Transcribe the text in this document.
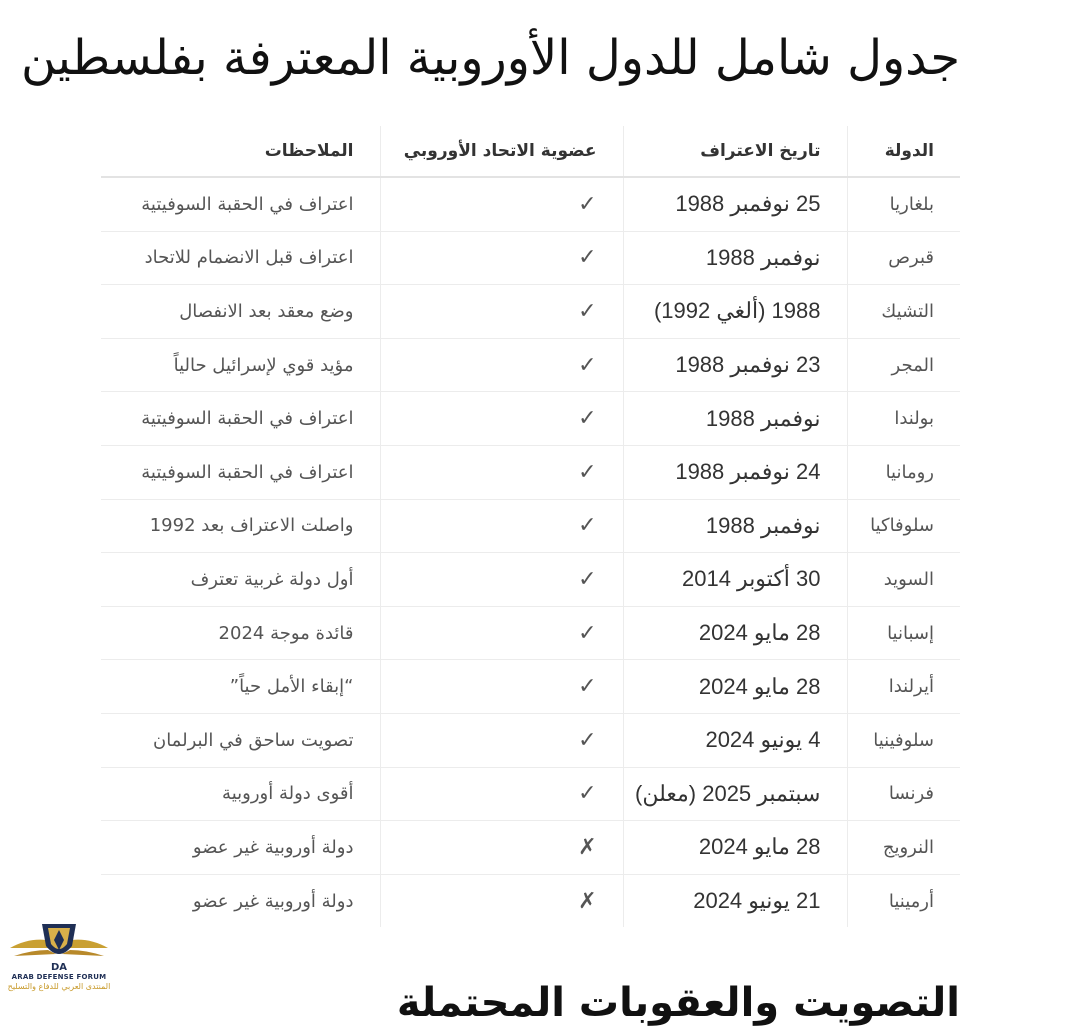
جدول شامل للدول الأوروبية المعترفة بفلسطين
الدولة	تاريخ الاعتراف	عضوية الاتحاد الأوروبي	الملاحظات
بلغاريا	25 نوفمبر 1988	✓	اعتراف في الحقبة السوفيتية
قبرص	نوفمبر 1988	✓	اعتراف قبل الانضمام للاتحاد
التشيك	1988 (ألغي 1992)	✓	وضع معقد بعد الانفصال
المجر	23 نوفمبر 1988	✓	مؤيد قوي لإسرائيل حالياً
بولندا	نوفمبر 1988	✓	اعتراف في الحقبة السوفيتية
رومانيا	24 نوفمبر 1988	✓	اعتراف في الحقبة السوفيتية
سلوفاكيا	نوفمبر 1988	✓	واصلت الاعتراف بعد 1992
السويد	30 أكتوبر 2014	✓	أول دولة غربية تعترف
إسبانيا	28 مايو 2024	✓	قائدة موجة 2024
أيرلندا	28 مايو 2024	✓	“إبقاء الأمل حياً”
سلوفينيا	4 يونيو 2024	✓	تصويت ساحق في البرلمان
فرنسا	سبتمبر 2025 (معلن)	✓	أقوى دولة أوروبية
النرويج	28 مايو 2024	✗	دولة أوروبية غير عضو
أرمينيا	21 يونيو 2024	✗	دولة أوروبية غير عضو
DA
ARAB DEFENSE FORUM
المنتدى العربي للدفاع والتسليح	التصويت والعقوبات المحتملة
